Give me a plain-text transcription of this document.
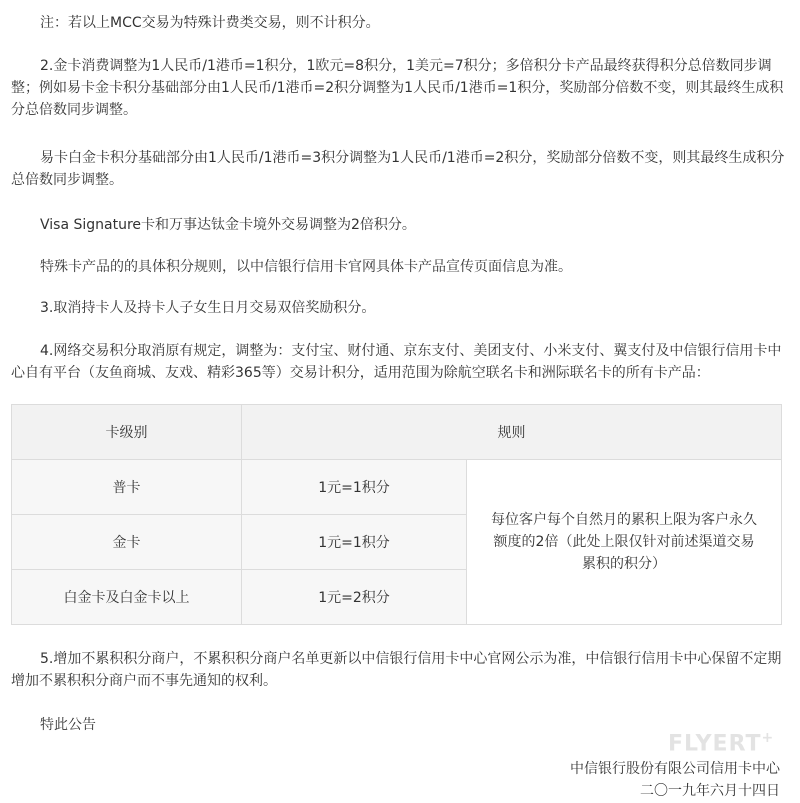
注：若以上MCC交易为特殊计费类交易，则不计积分。

2.金卡消费调整为1人民币/1港币=1积分，1欧元=8积分，1美元=7积分；多倍积分卡产品最终获得积分总倍数同步调整；例如易卡金卡积分基础部分由1人民币/1港币=2积分调整为1人民币/1港币=1积分，奖励部分倍数不变，则其最终生成积分总倍数同步调整。

易卡白金卡积分基础部分由1人民币/1港币=3积分调整为1人民币/1港币=2积分，奖励部分倍数不变，则其最终生成积分总倍数同步调整。

Visa Signature卡和万事达钛金卡境外交易调整为2倍积分。

特殊卡产品的的具体积分规则，以中信银行信用卡官网具体卡产品宣传页面信息为准。

3.取消持卡人及持卡人子女生日月交易双倍奖励积分。

4.网络交易积分取消原有规定，调整为：支付宝、财付通、京东支付、美团支付、小米支付、翼支付及中信银行信用卡中心自有平台（友鱼商城、友戏、精彩365等）交易计积分，适用范围为除航空联名卡和洲际联名卡的所有卡产品：

卡级别	规则	
普卡	1元=1积分	每位客户每个自然月的累积上限为客户永久额度的2倍（此处上限仅针对前述渠道交易累积的积分）
金卡	1元=1积分	
白金卡及白金卡以上	1元=2积分	

5.增加不累积积分商户，不累积积分商户名单更新以中信银行信用卡中心官网公示为准，中信银行信用卡中心保留不定期增加不累积积分商户而不事先通知的权利。

特此公告

FLYERT+
中信银行股份有限公司信用卡中心
二〇一九年六月十四日
